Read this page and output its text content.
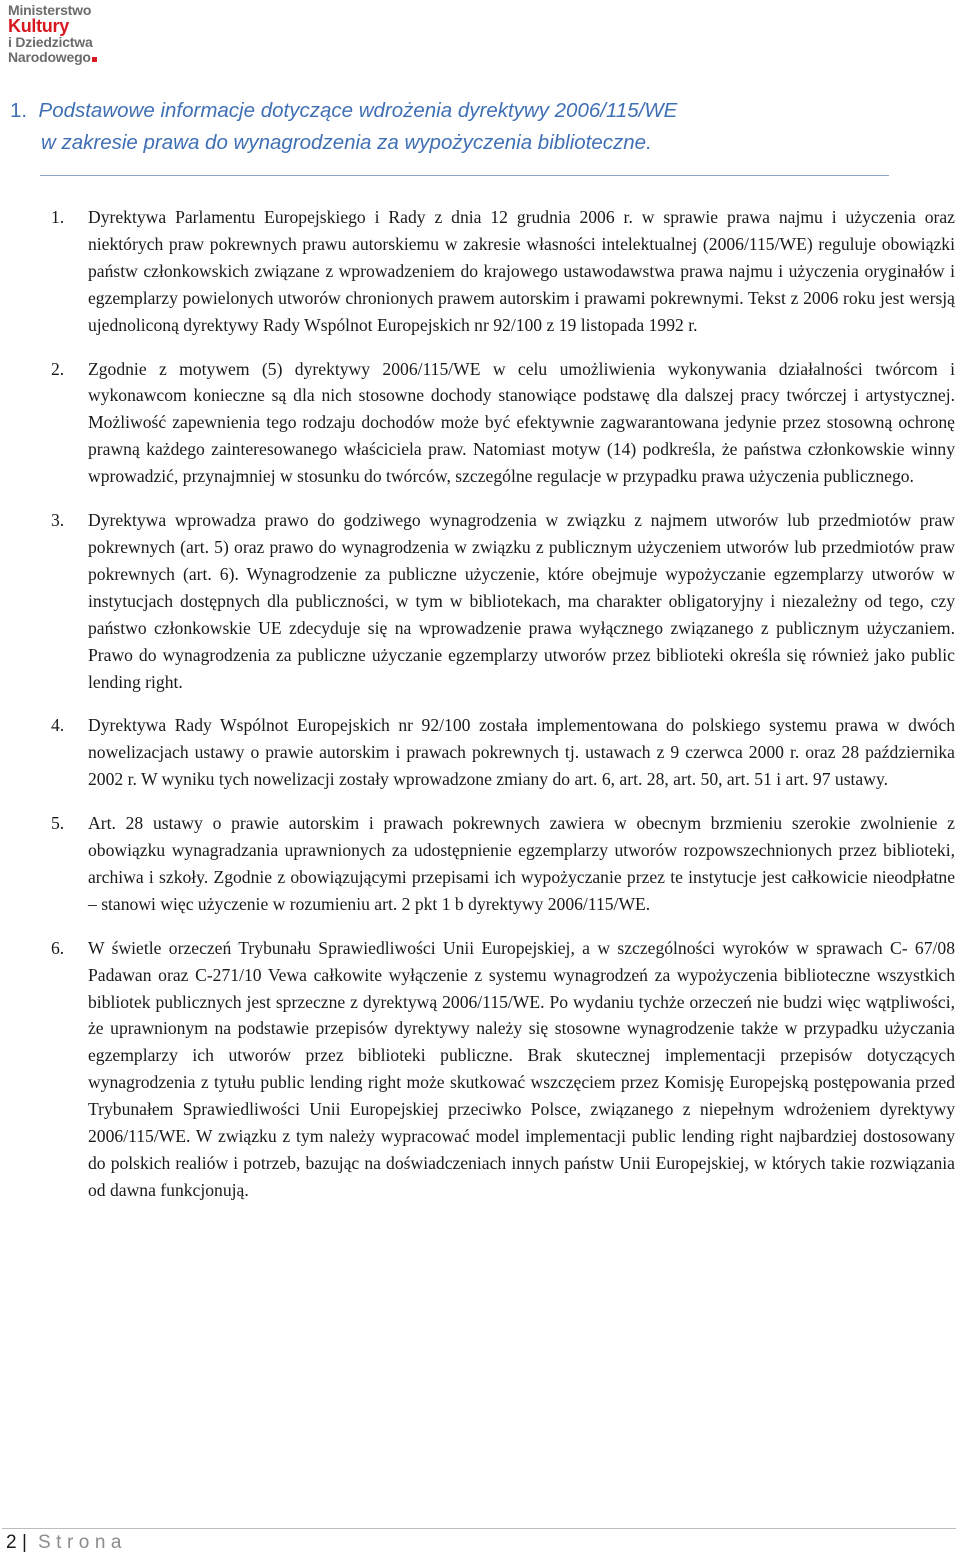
Ministerstwo
Kultury
i Dziedzictwa
Narodowego
1. Podstawowe informacje dotyczące wdrożenia dyrektywy 2006/115/WE
w zakresie prawa do wynagrodzenia za wypożyczenia biblioteczne.
1.	Dyrektywa Parlamentu Europejskiego i Rady z dnia 12 grudnia 2006 r. w sprawie prawa najmu i użyczenia oraz niektórych praw pokrewnych prawu autorskiemu w zakresie własności intelektualnej (2006/115/WE) reguluje obowiązki państw członkowskich związane z wprowadzeniem do krajowego ustawodawstwa prawa najmu i użyczenia oryginałów i egzemplarzy powielonych utworów chronionych prawem autorskim i prawami pokrewnymi. Tekst z 2006 roku jest wersją ujednoliconą dyrektywy Rady Wspólnot Europejskich nr 92/100 z 19 listopada 1992 r.
2.	Zgodnie z motywem (5) dyrektywy 2006/115/WE w celu umożliwienia wykonywania działalności twórcom i wykonawcom konieczne są dla nich stosowne dochody stanowiące podstawę dla dalszej pracy twórczej i artystycznej. Możliwość zapewnienia tego rodzaju dochodów może być efektywnie zagwarantowana jedynie przez stosowną ochronę prawną każdego zainteresowanego właściciela praw. Natomiast motyw (14) podkreśla, że państwa członkowskie winny wprowadzić, przynajmniej w stosunku do twórców, szczególne regulacje w przypadku prawa użyczenia publicznego.
3.	Dyrektywa wprowadza prawo do godziwego wynagrodzenia w związku z najmem utworów lub przedmiotów praw pokrewnych (art. 5) oraz prawo do wynagrodzenia w związku z publicznym użyczeniem utworów lub przedmiotów praw pokrewnych (art. 6). Wynagrodzenie za publiczne użyczenie, które obejmuje wypożyczanie egzemplarzy utworów w instytucjach dostępnych dla publiczności, w tym w bibliotekach, ma charakter obligatoryjny i niezależny od tego, czy państwo członkowskie UE zdecyduje się na wprowadzenie prawa wyłącznego związanego z publicznym użyczaniem. Prawo do wynagrodzenia za publiczne użyczanie egzemplarzy utworów przez biblioteki określa się również jako public lending right.
4.	Dyrektywa Rady Wspólnot Europejskich nr 92/100 została implementowana do polskiego systemu prawa w dwóch nowelizacjach ustawy o prawie autorskim i prawach pokrewnych tj. ustawach z 9 czerwca 2000 r. oraz 28 października 2002 r. W wyniku tych nowelizacji zostały wprowadzone zmiany do art. 6, art. 28, art. 50, art. 51 i art. 97 ustawy.
5.	Art. 28 ustawy o prawie autorskim i prawach pokrewnych zawiera w obecnym brzmieniu szerokie zwolnienie z obowiązku wynagradzania uprawnionych za udostępnienie egzemplarzy utworów rozpowszechnionych przez biblioteki, archiwa i szkoły. Zgodnie z obowiązującymi przepisami ich wypożyczanie przez te instytucje jest całkowicie nieodpłatne – stanowi więc użyczenie w rozumieniu art. 2 pkt 1 b dyrektywy 2006/115/WE.
6.	W świetle orzeczeń Trybunału Sprawiedliwości Unii Europejskiej, a w szczególności wyroków w sprawach C- 67/08 Padawan oraz C-271/10 Vewa całkowite wyłączenie z systemu wynagrodzeń za wypożyczenia biblioteczne wszystkich bibliotek publicznych jest sprzeczne z dyrektywą 2006/115/WE. Po wydaniu tychże orzeczeń nie budzi więc wątpliwości, że uprawnionym na podstawie przepisów dyrektywy należy się stosowne wynagrodzenie także w przypadku użyczania egzemplarzy ich utworów przez biblioteki publiczne. Brak skutecznej implementacji przepisów dotyczących wynagrodzenia z tytułu public lending right może skutkować wszczęciem przez Komisję Europejską postępowania przed Trybunałem Sprawiedliwości Unii Europejskiej przeciwko Polsce, związanego z niepełnym wdrożeniem dyrektywy 2006/115/WE. W związku z tym należy wypracować model implementacji public lending right najbardziej dostosowany do polskich realiów i potrzeb, bazując na doświadczeniach innych państw Unii Europejskiej, w których takie rozwiązania od dawna funkcjonują.
2 | Strona
